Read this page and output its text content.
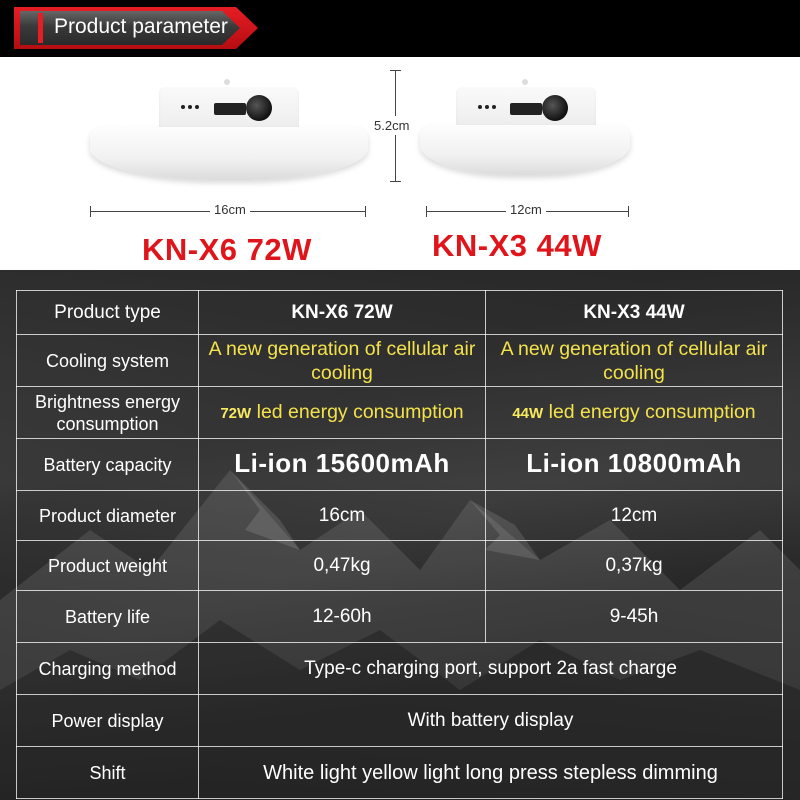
Product parameter
16cm	12cm
5.2cm
KN-X6 72W	KN-X3 44W
Product type	KN-X6 72W	KN-X3 44W
Cooling system	A new generation of cellular air cooling	A new generation of cellular air cooling
Brightness energy consumption	72W led energy consumption	44W led energy consumption
Battery capacity	Li-ion 15600mAh	Li-ion 10800mAh
Product diameter	16cm	12cm
Product weight	0,47kg	0,37kg
Battery life	12-60h	9-45h
Charging method	Type-c charging port, support 2a fast charge	
Power display	With battery display	
Shift	White light yellow light long press stepless dimming	
